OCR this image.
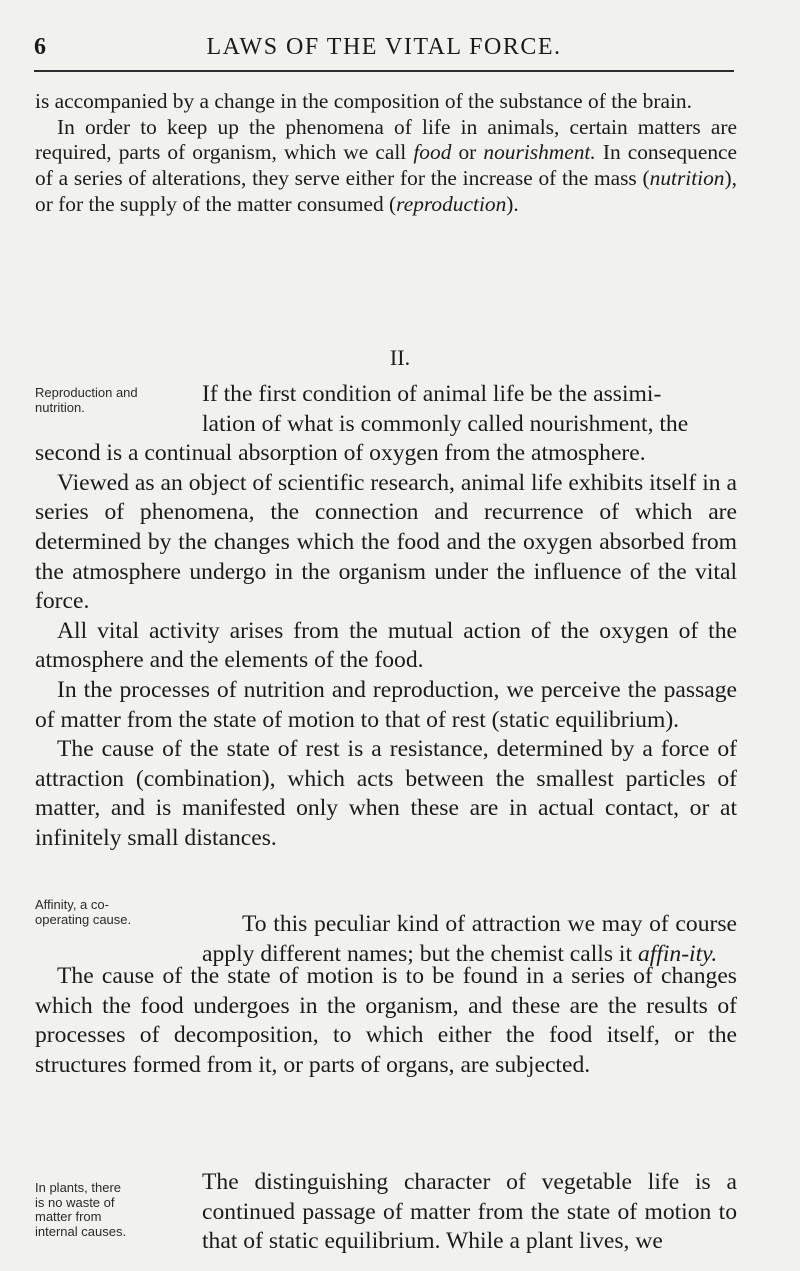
6	LAWS OF THE VITAL FORCE.

is accompanied by a change in the composition of the substance of the brain.

In order to keep up the phenomena of life in animals, certain matters are required, parts of organism, which we call food or nourishment. In consequence of a series of alterations, they serve either for the increase of the mass (nutrition), or for the supply of the matter consumed (reproduction).

II.
Reproduction and nutrition.	If the first condition of animal life be the assimi-

lation of what is commonly called nourishment, the

second is a continual absorption of oxygen from the atmosphere.

Viewed as an object of scientific research, animal life exhibits itself in a series of phenomena, the connection and recurrence of which are determined by the changes which the food and the oxygen absorbed from the atmosphere undergo in the organism under the influence of the vital force.

All vital activity arises from the mutual action of the oxygen of the atmosphere and the elements of the food.

In the processes of nutrition and reproduction, we perceive the passage of matter from the state of motion to that of rest (static equilibrium).

The cause of the state of rest is a resistance, determined by a force of attraction (combination), which acts between the smallest particles of matter, and is manifested only when these are in actual contact, or at infinitely small distances.

Affinity, a co-operating cause.	To this peculiar kind of attraction we may of course apply different names; but the chemist calls it affin-ity.

The cause of the state of motion is to be found in a series of changes which the food undergoes in the organism, and these are the results of processes of decomposition, to which either the food itself, or the structures formed from it, or parts of organs, are subjected.

In plants, there is no waste of matter from internal causes.

The distinguishing character of vegetable life is a continued passage of matter from the state of motion to that of static equilibrium. While a plant lives, we
